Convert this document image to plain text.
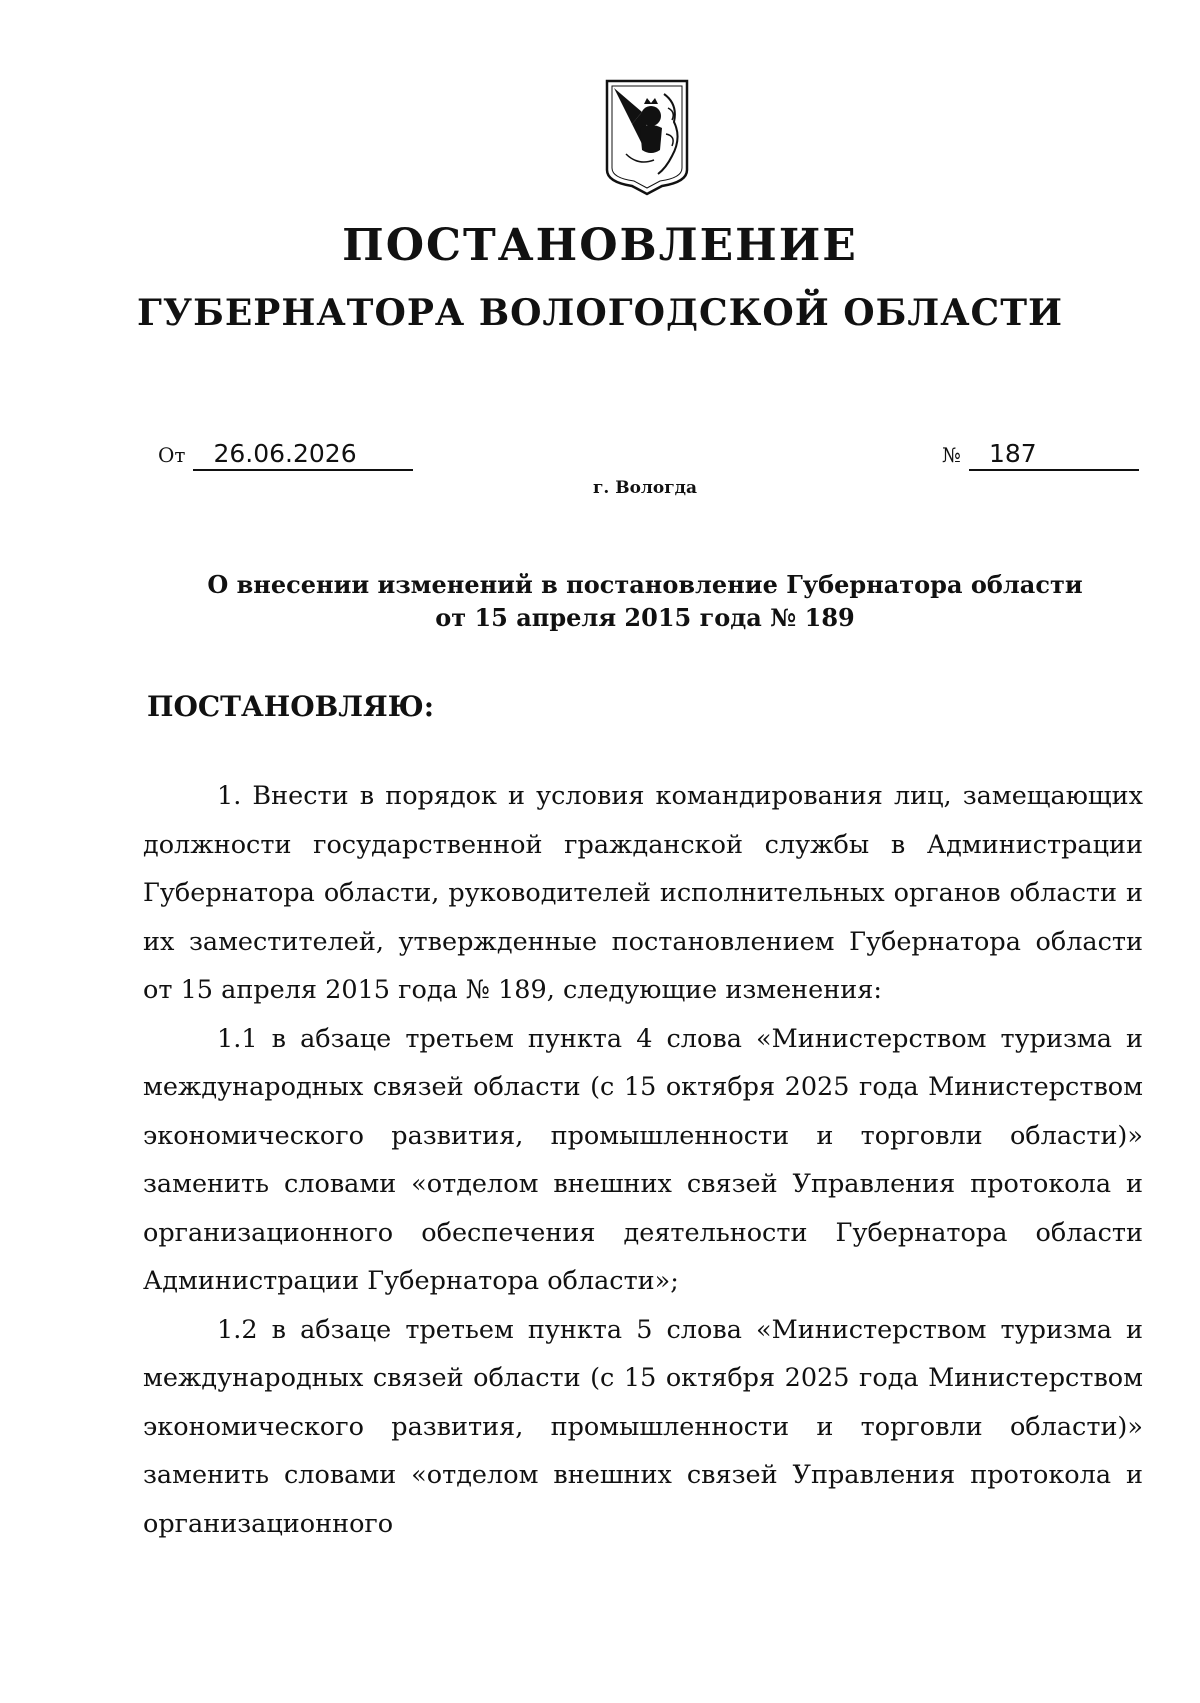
ПОСТАНОВЛЕНИЕ
ГУБЕРНАТОРА ВОЛОГОДСКОЙ ОБЛАСТИ
От 26.06.2026	№ 187
г. Вологда
О внесении изменений в постановление Губернатора области
от 15 апреля 2015 года № 189
ПОСТАНОВЛЯЮ:

1. Внести в порядок и условия командирования лиц, замещающих должности государственной гражданской службы в Администрации Губернатора области, руководителей исполнительных органов области и их заместителей, утвержденные постановлением Губернатора области от 15 апреля 2015 года № 189, следующие изменения:

1.1 в абзаце третьем пункта 4 слова «Министерством туризма и международных связей области (с 15 октября 2025 года Министерством экономического развития, промышленности и торговли области)» заменить словами «отделом внешних связей Управления протокола и организационного обеспечения деятельности Губернатора области Администрации Губернатора области»;

1.2 в абзаце третьем пункта 5 слова «Министерством туризма и международных связей области (с 15 октября 2025 года Министерством экономического развития, промышленности и торговли области)» заменить словами «отделом внешних связей Управления протокола и организационного
